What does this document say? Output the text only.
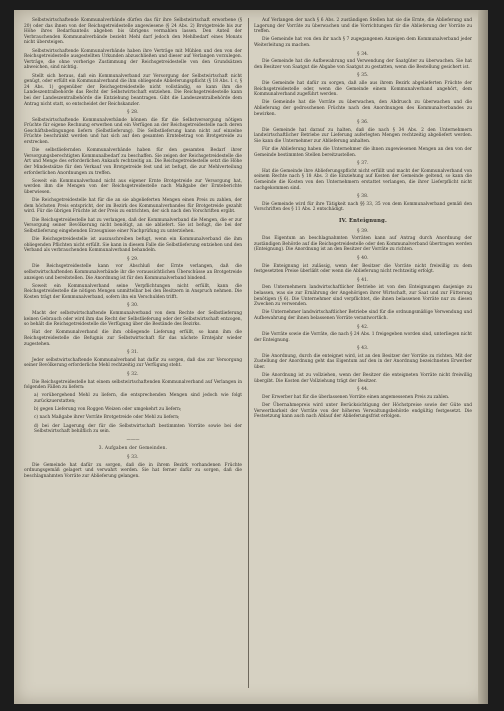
Selbstwirtschaftende Kommunalverbände dürfen das für ihre Selbstwirtschaft erworbene (§ 20) oder das ihnen von der Reichsgetreidestelle angewiesene (§ 24 Abs. 2) Brotgetreide bis zur Höhe ihres Bedarfsanteils abgeben bis übrigens vermahlen lassen. Den Anteil der Verbrauchenden Kommunalverbände bezieht Mehl darf jedoch den Mehlbedarf eines Monats nicht übersteigen.

Selbstwirtschaftende Kommunalverbände haben ihre Verträge mit Mühlen und den von der Reichsgetreidestelle ausgestellten Urkunden abzuschließen und dieser auf Verlangen vorzulegen. Verträge, die ohne vorherige Zustimmung der Reichsgetreidestelle von den Grundsätzen abweichen, sind nichtig.

Stellt sich heraus, daß ein Kommunalverband zur Versorgung der Selbstwirtschaft nicht genügt, oder erfüllt ein Kommunalverband die ihm obliegende Ablieferungspflicht (§ 18 Abs. 1 c, § 24 Abs. 1) gegenüber der Reichsgetreidestelle nicht vollständig, so kann ihm die Landeszentralbehörde das Recht der Selbstwirtschaft entziehen. Die Reichsgetreidestelle kann bei der Landeszentralbehörde die Entziehung beantragen. Gibt die Landeszentralbehörde dem Antrag nicht statt, so entscheidet der Reichskanzler.

§ 28.

Selbstwirtschaftende Kommunalverbände können die für die Selbstversorgung nötigen Früchte für eigene Rechnung erwerben und ein Verfügen an der Reichsgetreidestelle nach deren Geschäftsbedingungen liefern (Selbstlieferung). Die Selbstlieferung kann nicht auf einzelne Früchte beschränkt werden und hat sich auf den gesamten Erntebetrag von Brotgetreide zu erstrecken.

Die selbstliefernden Kommunalverbände haben für den gesamten Bedarf ihrer Versorgungsberechtigten Kommunalbedarf zu beschaffen. Sie zeigen der Reichsgetreidestelle die Art und Menge des erforderlichen Ankaufs rechtzeitig an. Die Reichsgetreidestelle setzt die Höhe der Mindestsätze für den Verkauf von Brotgetreide fest und ist befugt, die zur Mehlverteilung erforderlichen Anordnungen zu treffen.

Soweit ein Kommunalverband nicht aus eigener Ernte Brotgetreide zur Versorgung hat, werden ihm die Mengen von der Reichsgetreidestelle nach Maßgabe der Ernteberichte überwiesen.

Die Reichsgetreidestelle hat für die an sie abgelieferten Mengen einen Preis zu zahlen, der dem höchsten Preis entspricht, der im Bezirk des Kommunalverbandes für Brotgetreide gezahlt wird. Für die übrigen Früchte ist der Preis zu entrichten, der sich nach den Vorschriften ergibt.

Die Reichsgetreidestelle hat zu verlangen, daß der Kommunalverband die Mengen, die er zur Versorgung seiner Bevölkerung nicht benötigt, an sie abliefert. Sie ist befugt, die bei der Selbstlieferung eingehenden Erzeugnisse einer Nachprüfung zu unterziehen.

Die Reichsgetreidestelle ist auszuschreiben befugt, wenn ein Kommunalverband die ihm obliegenden Pflichten nicht erfüllt. Sie kann in diesem Falle die Selbstlieferung entziehen und den Verband als verbrauchenden Kommunalverband behandeln.

§ 29.

Die Reichsgetreidestelle kann vor Abschluß der Ernte verlangen, daß die selbstwirtschaftenden Kommunalverbände ihr die voraussichtlichen Überschüsse an Brotgetreide anzeigen und bereitstellen. Die Anordnung ist für den Kommunalverband bindend.

Soweit ein Kommunalverband seine Verpflichtungen nicht erfüllt, kann die Reichsgetreidestelle die nötigen Mengen unmittelbar bei den Besitzern in Anspruch nehmen. Die Kosten trägt der Kommunalverband, sofern ihn ein Verschulden trifft.

§ 30.

Macht der selbstwirtschaftende Kommunalverband von dem Rechte der Selbstlieferung keinen Gebrauch oder wird ihm das Recht der Selbstlieferung oder der Selbstwirtschaft entzogen, so behält die Reichsgetreidestelle die Verfügung über die Bestände des Bezirks.

Hat der Kommunalverband die ihm obliegende Lieferung erfüllt, so kann ihm die Reichsgetreidestelle die Befugnis zur Selbstwirtschaft für das nächste Erntejahr wieder zugestehen.

§ 31.

Jeder selbstwirtschaftende Kommunalverband hat dafür zu sorgen, daß das zur Versorgung seiner Bevölkerung erforderliche Mehl rechtzeitig zur Verfügung steht.

§ 32.

Die Reichsgetreidestelle hat einem selbstwirtschaftenden Kommunalverband auf Verlangen in folgenden Fällen zu liefern:

a) vorübergehend Mehl zu liefern, die entsprechenden Mengen sind jedoch wie folgt zurückzuerstatten;

b) gegen Lieferung von Roggen Weizen oder umgekehrt zu liefern;

c) nach Maßgabe ihrer Vorräte Brotgetreide oder Mehl zu liefern;

d) bei der Lagerung der für die Selbstwirtschaft bestimmten Vorräte sowie bei der Selbstwirtschaft behilflich zu sein.

———
3. Aufgaben der Gemeinden.
§ 33.

Die Gemeinde hat dafür zu sorgen, daß die in ihrem Bezirk vorhandenen Früchte ordnungsgemäß gelagert und verwahrt werden. Sie hat ferner dafür zu sorgen, daß die beschlagnahmten Vorräte zur Ablieferung gelangen.

Auf Verlangen der nach § 6 Abs. 2 zuständigen Stellen hat sie die Ernte, die Ablieferung und Lagerung der Vorräte zu überwachen und die Vorrichtungen für die Ablieferung der Vorräte zu treffen.

Die Gemeinde hat von den ihr nach § 7 zugegangenen Anzeigen dem Kommunalverband jeder Weiterleitung zu machen.

§ 34.

Die Gemeinde hat die Aufbewahrung und Verwendung der Saatgüter zu überwachen. Sie hat den Besitzer von Saatgut die Abgabe von Saatgut zu gestatten, wenn die Bestellung gesichert ist.

§ 35.

Die Gemeinde hat dafür zu sorgen, daß alle aus ihrem Bezirk abgelieferten Früchte der Reichsgetreidestelle oder, wenn die Gemeinde einem Kommunalverband angehört, dem Kommunalverband zugeführt werden.

Die Gemeinde hat die Vorräte zu überwachen, den Abdrusch zu überwachen und die Ablieferung der gedroschenen Früchte nach den Anordnungen des Kommunalverbandes zu bewirken.

§ 36.

Die Gemeinde hat darauf zu halten, daß die nach § 34 Abs. 2 den Unternehmern landwirtschaftlicher Betriebe zur Lieferung auferlegten Mengen rechtzeitig abgeliefert werden. Sie kann die Unternehmer zur Ablieferung anhalten.

Für die Ablieferung haben die Unternehmer die ihnen zugewiesenen Mengen an den von der Gemeinde bestimmten Stellen bereitzustellen.

§ 37.

Hat die Gemeinde ihre Ablieferungspflicht nicht erfüllt und macht der Kommunalverband von seinem Rechte nach § 18 Abs. 3 die Einziehung auf Kosten der Gemeinde geltend, so kann die Gemeinde die Kosten von den Unternehmern erstattet verlangen, die ihrer Lieferpflicht nicht nachgekommen sind.

§ 38.

Die Gemeinde wird für ihre Tätigkeit nach §§ 33, 35 von dem Kommunalverband gemäß den Vorschriften des § 11 Abs. 2 entschädigt.

IV. Enteignung.
§ 39.

Das Eigentum an beschlagnahmten Vorräten kann auf Antrag durch Anordnung der zuständigen Behörde auf die Reichsgetreidestelle oder den Kommunalverband übertragen werden (Enteignung). Die Anordnung ist an den Besitzer der Vorräte zu richten.

§ 40.

Die Enteignung ist zulässig, wenn der Besitzer die Vorräte nicht freiwillig zu dem festgesetzten Preise überläßt oder wenn die Ablieferung nicht rechtzeitig erfolgt.

§ 41.

Den Unternehmern landwirtschaftlicher Betriebe ist von den Enteignungen dasjenige zu belassen, was sie zur Ernährung der Angehörigen ihrer Wirtschaft, zur Saat und zur Fütterung benötigen (§ 6). Die Unternehmer sind verpflichtet, die ihnen belassenen Vorräte nur zu diesen Zwecken zu verwenden.

Die Unternehmer landwirtschaftlicher Betriebe sind für die ordnungsmäßige Verwendung und Aufbewahrung der ihnen belassenen Vorräte verantwortlich.

§ 42.

Die Vorräte sowie die Vorräte, die nach § 24 Abs. 1 freigegeben worden sind, unterliegen nicht der Enteignung.

§ 43.

Die Anordnung, durch die enteignet wird, ist an den Besitzer der Vorräte zu richten. Mit der Zustellung der Anordnung geht das Eigentum auf den in der Anordnung bezeichneten Erwerber über.

Die Anordnung ist zu vollziehen, wenn der Besitzer die enteigneten Vorräte nicht freiwillig übergibt. Die Kosten der Vollziehung trägt der Besitzer.

§ 44.

Der Erwerber hat für die überlassenen Vorräte einen angemessenen Preis zu zahlen.

Der Übernahmepreis wird unter Berücksichtigung der Höchstpreise sowie der Güte und Verwertbarkeit der Vorräte von der höheren Verwaltungsbehörde endgültig festgesetzt. Die Festsetzung kann auch nach Ablauf der Ablieferungsfrist erfolgen.
